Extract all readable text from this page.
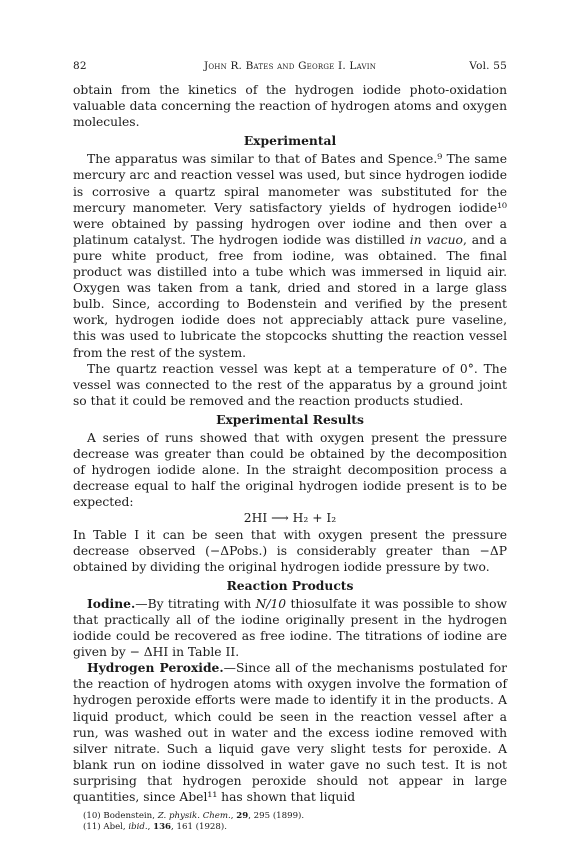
82	John R. Bates and George I. Lavin	Vol. 55

obtain from the kinetics of the hydrogen iodide photo-oxidation valuable data concerning the reaction of hydrogen atoms and oxygen molecules.

Experimental

The apparatus was similar to that of Bates and Spence.⁹ The same mercury arc and reaction vessel was used, but since hydrogen iodide is corrosive a quartz spiral manometer was substituted for the mercury manometer. Very satisfactory yields of hydrogen iodide¹⁰ were obtained by passing hydrogen over iodine and then over a platinum catalyst. The hydrogen iodide was distilled in vacuo, and a pure white product, free from iodine, was obtained. The final product was distilled into a tube which was immersed in liquid air. Oxygen was taken from a tank, dried and stored in a large glass bulb. Since, according to Bodenstein and verified by the present work, hydrogen iodide does not appreciably attack pure vaseline, this was used to lubricate the stopcocks shutting the reaction vessel from the rest of the system.

The quartz reaction vessel was kept at a temperature of 0°. The vessel was connected to the rest of the apparatus by a ground joint so that it could be removed and the reaction products studied.

Experimental Results

A series of runs showed that with oxygen present the pressure decrease was greater than could be obtained by the decomposition of hydrogen iodide alone. In the straight decomposition process a decrease equal to half the original hydrogen iodide present is to be expected:

2HI ⟶ H₂ + I₂

In Table I it can be seen that with oxygen present the pressure decrease observed (−ΔPobs.) is considerably greater than −ΔP obtained by dividing the original hydrogen iodide pressure by two.

Reaction Products

Iodine.—By titrating with N/10 thiosulfate it was possible to show that practically all of the iodine originally present in the hydrogen iodide could be recovered as free iodine. The titrations of iodine are given by − ΔHI in Table II.

Hydrogen Peroxide.—Since all of the mechanisms postulated for the reaction of hydrogen atoms with oxygen involve the formation of hydrogen peroxide efforts were made to identify it in the products. A liquid product, which could be seen in the reaction vessel after a run, was washed out in water and the excess iodine removed with silver nitrate. Such a liquid gave very slight tests for peroxide. A blank run on iodine dissolved in water gave no such test. It is not surprising that hydrogen peroxide should not appear in large quantities, since Abel¹¹ has shown that liquid

(10) Bodenstein, Z. physik. Chem., 29, 295 (1899).
(11) Abel, ibid., 136, 161 (1928).
